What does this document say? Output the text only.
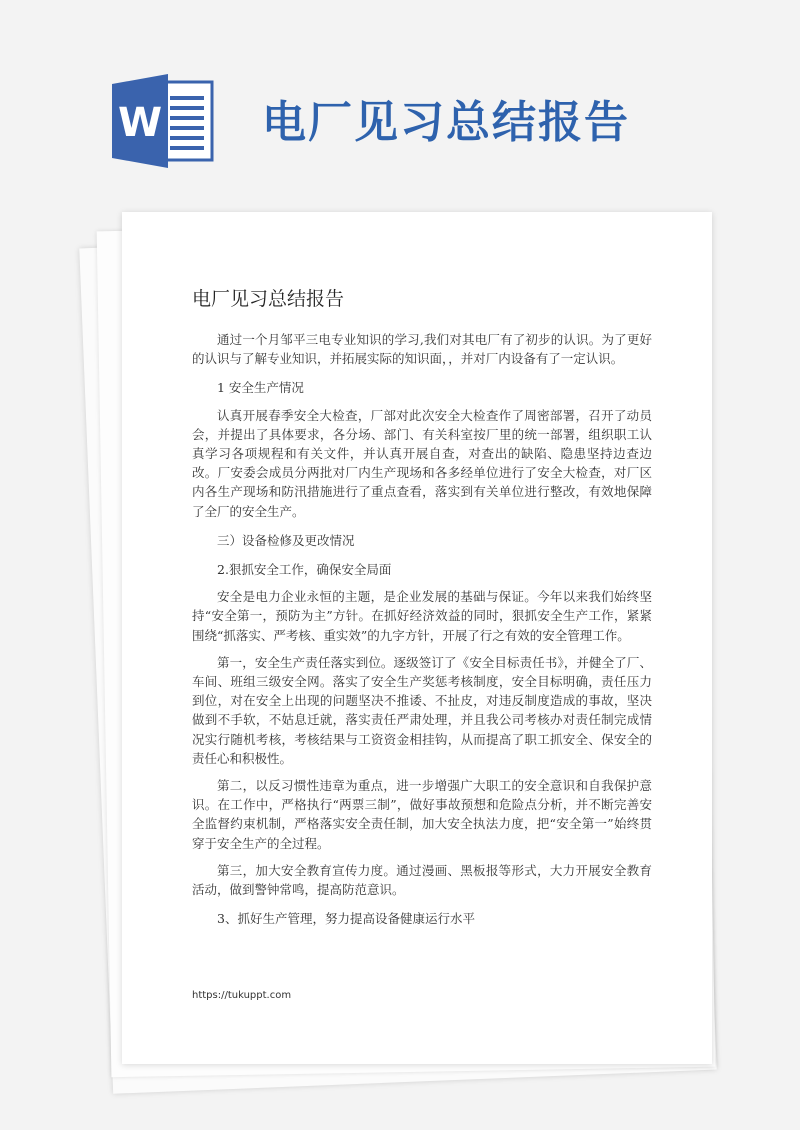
W 电厂见习总结报告
电厂见习总结报告

通过一个月邹平三电专业知识的学习,我们对其电厂有了初步的认识。为了更好的认识与了解专业知识，并拓展实际的知识面，，并对厂内设备有了一定认识。

1 安全生产情况

认真开展春季安全大检查，厂部对此次安全大检查作了周密部署，召开了动员会，并提出了具体要求，各分场、部门、有关科室按厂里的统一部署，组织职工认真学习各项规程和有关文件，并认真开展自查，对查出的缺陷、隐患坚持边查边改。厂安委会成员分两批对厂内生产现场和各多经单位进行了安全大检查，对厂区内各生产现场和防汛措施进行了重点查看，落实到有关单位进行整改，有效地保障了全厂的安全生产。

三）设备检修及更改情况

2.狠抓安全工作，确保安全局面

安全是电力企业永恒的主题，是企业发展的基础与保证。今年以来我们始终坚持“安全第一，预防为主”方针。在抓好经济效益的同时，狠抓安全生产工作，紧紧围绕“抓落实、严考核、重实效”的九字方针，开展了行之有效的安全管理工作。

第一，安全生产责任落实到位。逐级签订了《安全目标责任书》，并健全了厂、车间、班组三级安全网。落实了安全生产奖惩考核制度，安全目标明确，责任压力到位，对在安全上出现的问题坚决不推诿、不扯皮，对违反制度造成的事故，坚决做到不手软，不姑息迁就，落实责任严肃处理，并且我公司考核办对责任制完成情况实行随机考核，考核结果与工资资金相挂钩，从而提高了职工抓安全、保安全的责任心和积极性。

第二，以反习惯性违章为重点，进一步增强广大职工的安全意识和自我保护意识。在工作中，严格执行“两票三制”，做好事故预想和危险点分析，并不断完善安全监督约束机制，严格落实安全责任制，加大安全执法力度，把“安全第一”始终贯穿于安全生产的全过程。

第三，加大安全教育宣传力度。通过漫画、黑板报等形式，大力开展安全教育活动，做到警钟常鸣，提高防范意识。

3、抓好生产管理，努力提高设备健康运行水平

https://tukuppt.com
